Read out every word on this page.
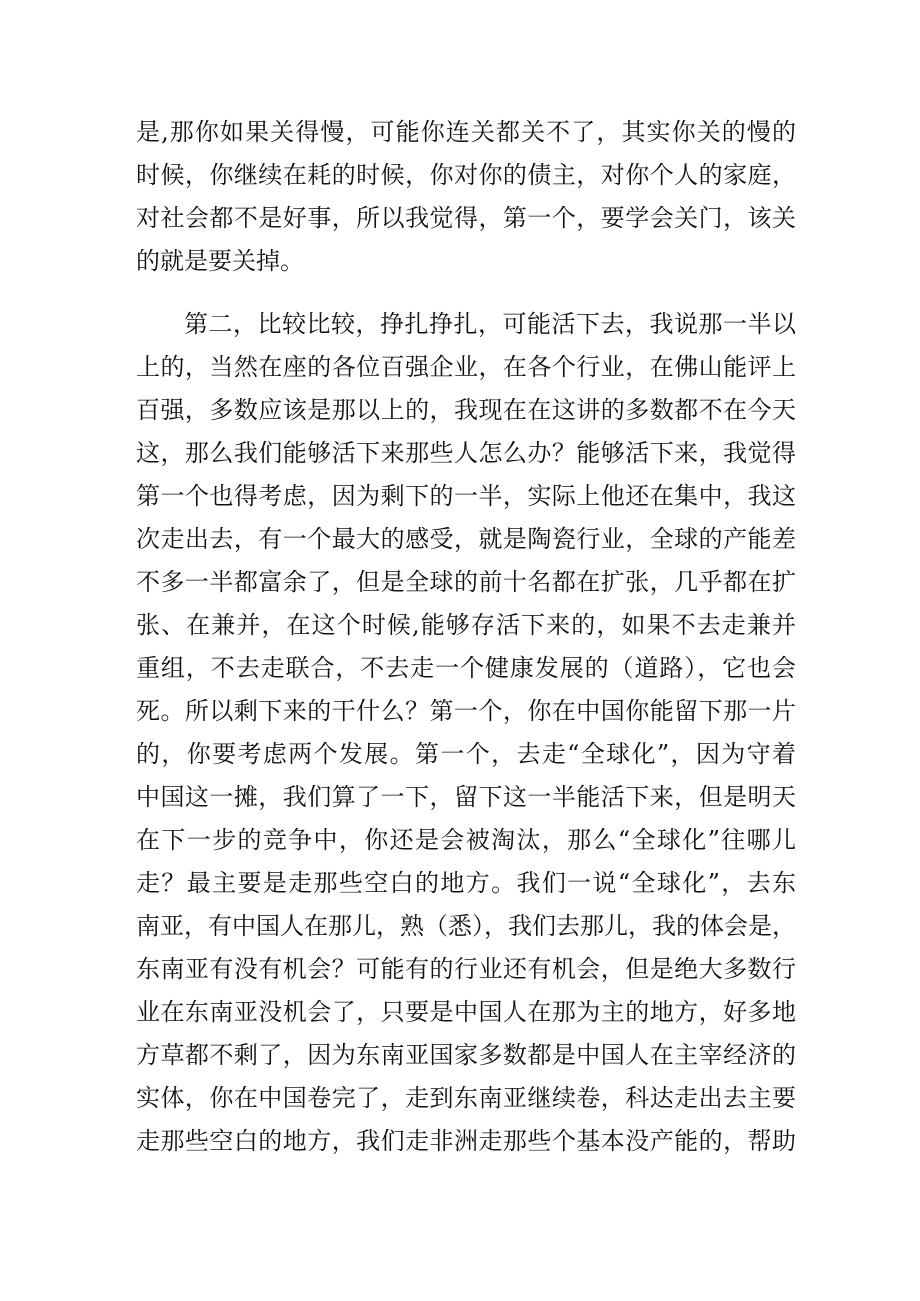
是,那你如果关得慢，可能你连关都关不了，其实你关的慢的
时候，你继续在耗的时候，你对你的债主，对你个人的家庭，
对社会都不是好事，所以我觉得，第一个，要学会关门，该关
的就是要关掉。
第二，比较比较，挣扎挣扎，可能活下去，我说那一半以
上的，当然在座的各位百强企业，在各个行业，在佛山能评上
百强，多数应该是那以上的，我现在在这讲的多数都不在今天
这，那么我们能够活下来那些人怎么办？能够活下来，我觉得
第一个也得考虑，因为剩下的一半，实际上他还在集中，我这
次走出去，有一个最大的感受，就是陶瓷行业，全球的产能差
不多一半都富余了，但是全球的前十名都在扩张，几乎都在扩
张、在兼并，在这个时候,能够存活下来的，如果不去走兼并
重组，不去走联合，不去走一个健康发展的（道路），它也会
死。所以剩下来的干什么？第一个，你在中国你能留下那一片
的，你要考虑两个发展。第一个，去走“全球化”，因为守着
中国这一摊，我们算了一下，留下这一半能活下来，但是明天
在下一步的竞争中，你还是会被淘汰，那么“全球化”往哪儿
走？最主要是走那些空白的地方。我们一说“全球化”，去东
南亚，有中国人在那儿，熟（悉），我们去那儿，我的体会是，
东南亚有没有机会？可能有的行业还有机会，但是绝大多数行
业在东南亚没机会了，只要是中国人在那为主的地方，好多地
方草都不剩了，因为东南亚国家多数都是中国人在主宰经济的
实体，你在中国卷完了，走到东南亚继续卷，科达走出去主要
走那些空白的地方，我们走非洲走那些个基本没产能的，帮助
